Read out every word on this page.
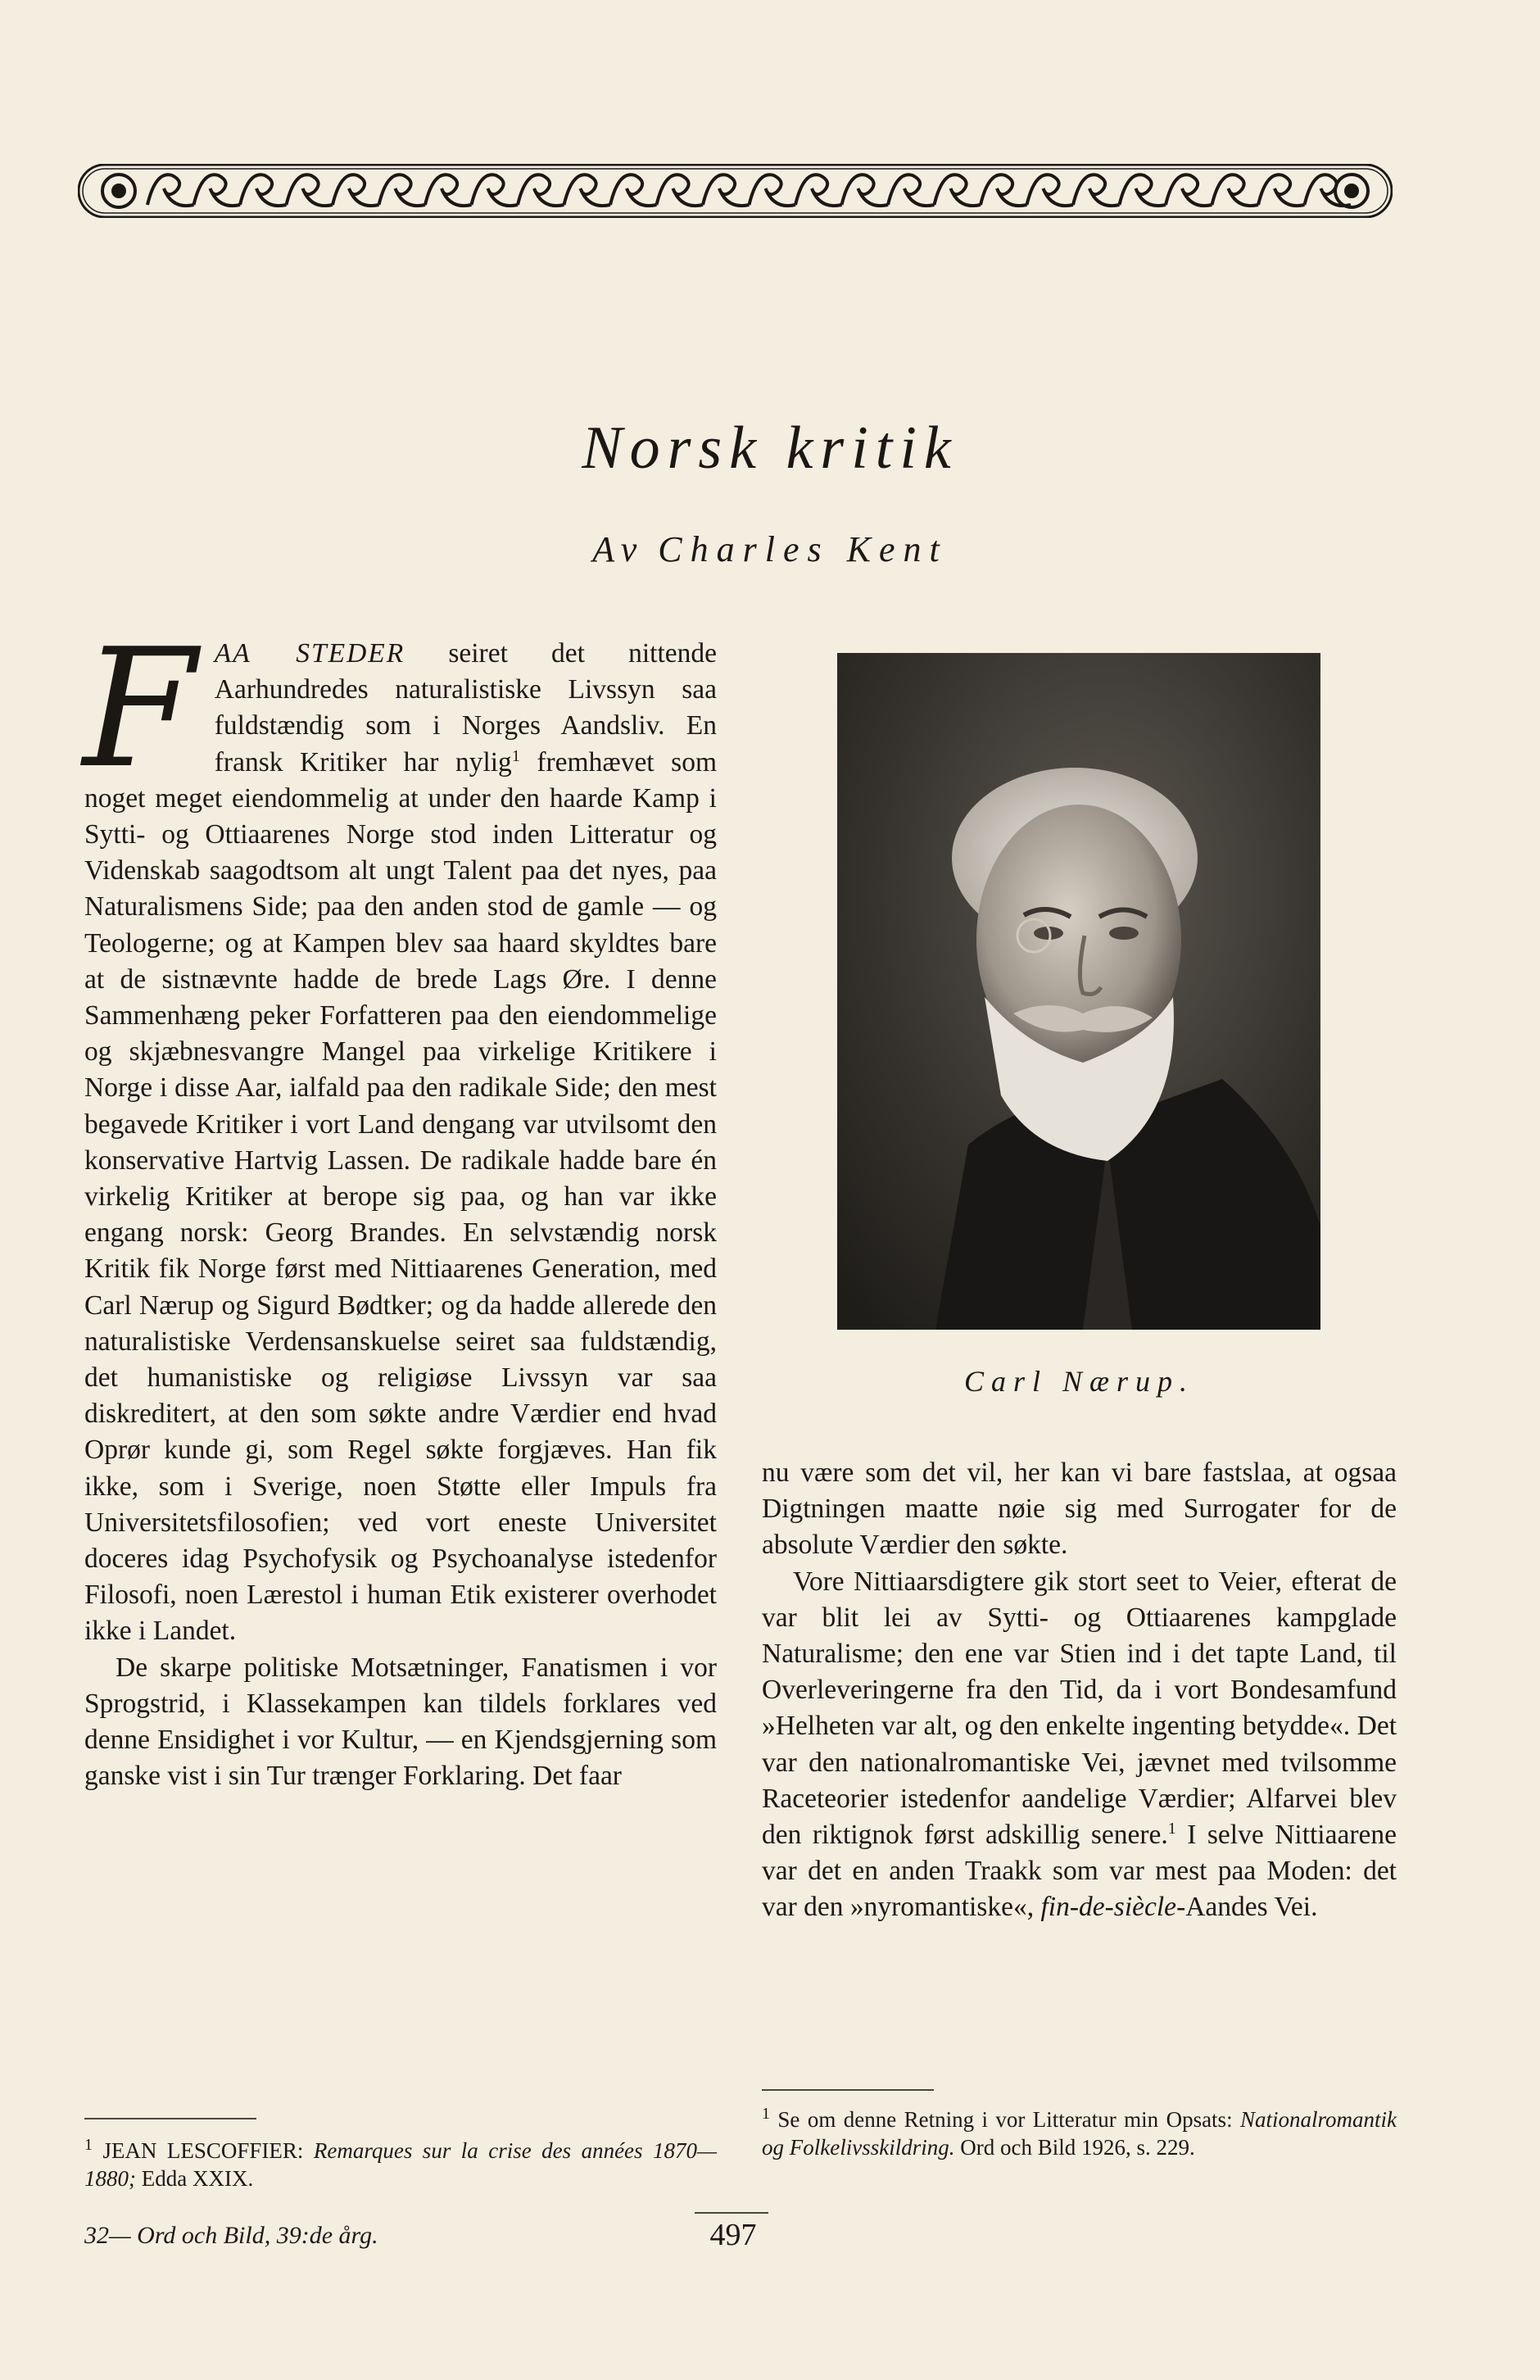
Norsk kritik
Av Charles Kent

FAA STEDER seiret det nittende Aarhundredes naturalistiske Livssyn saa fuldstændig som i Norges Aandsliv. En fransk Kritiker har nylig$^1$ fremhævet som noget meget eiendommelig at under den haarde Kamp i Sytti- og Ottiaarenes Norge stod inden Litteratur og Videnskab saagodtsom alt ungt Talent paa det nyes, paa Naturalismens Side; paa den anden stod de gamle — og Teologerne; og at Kampen blev saa haard skyldtes bare at de sistnævnte hadde de brede Lags Øre. I denne Sammenhæng peker Forfatteren paa den eiendommelige og skjæbnesvangre Mangel paa virkelige Kritikere i Norge i disse Aar, ialfald paa den radikale Side; den mest begavede Kritiker i vort Land dengang var utvilsomt den konservative Hartvig Lassen. De radikale hadde bare én virkelig Kritiker at berope sig paa, og han var ikke engang norsk: Georg Brandes. En selvstændig norsk Kritik fik Norge først med Nittiaarenes Generation, med Carl Nærup og Sigurd Bødtker; og da hadde allerede den naturalistiske Verdensanskuelse seiret saa fuldstændig, det humanistiske og religiøse Livssyn var saa diskreditert, at den som søkte andre Værdier end hvad Oprør kunde gi, som Regel søkte forgjæves. Han fik ikke, som i Sverige, noen Støtte eller Impuls fra Universitetsfilosofien; ved vort eneste Universitet doceres idag Psychofysik og Psychoanalyse istedenfor Filosofi, noen Lærestol i human Etik existerer overhodet ikke i Landet.

De skarpe politiske Motsætninger, Fanatismen i vor Sprogstrid, i Klassekampen kan tildels forklares ved denne Ensidighet i vor Kultur, — en Kjendsgjerning som ganske vist i sin Tur trænger Forklaring. Det faar

Carl Nærup.

nu være som det vil, her kan vi bare fastslaa, at ogsaa Digtningen maatte nøie sig med Surrogater for de absolute Værdier den søkte.

Vore Nittiaarsdigtere gik stort seet to Veier, efterat de var blit lei av Sytti- og Ottiaarenes kampglade Naturalisme; den ene var Stien ind i det tapte Land, til Overleveringerne fra den Tid, da i vort Bondesamfund »Helheten var alt, og den enkelte ingenting betydde«. Det var den nationalromantiske Vei, jævnet med tvilsomme Raceteorier istedenfor aandelige Værdier; Alfarvei blev den riktignok først adskillig senere.$^1$ I selve Nittiaarene var det en anden Traakk som var mest paa Moden: det var den »nyromantiske«, fin-de-siècle-Aandes Vei.

$^1$ JEAN LESCOFFIER: Remarques sur la crise des années 1870—1880; Edda XXIX.
$^1$ Se om denne Retning i vor Litteratur min Opsats: Nationalromantik og Folkelivsskildring. Ord och Bild 1926, s. 229.
32— Ord och Bild, 39:de årg.	497
